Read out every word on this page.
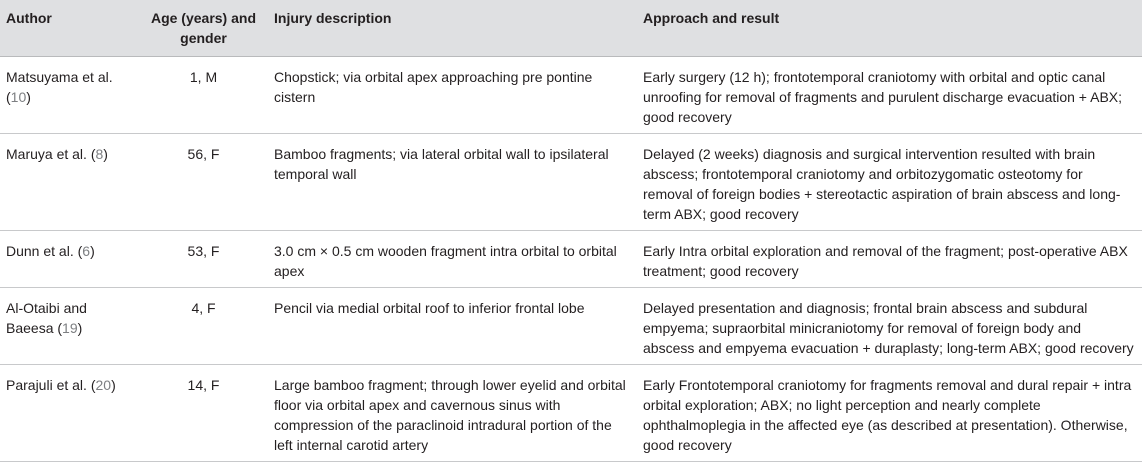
Author	Age (years) and gender	Injury description	Approach and result
Matsuyama et al. (10)	1, M	Chopstick; via orbital apex approaching pre pontine cistern	Early surgery (12 h); frontotemporal craniotomy with orbital and optic canal unroofing for removal of fragments and purulent discharge evacuation + ABX; good recovery
Maruya et al. (8)	56, F	Bamboo fragments; via lateral orbital wall to ipsilateral temporal wall	Delayed (2 weeks) diagnosis and surgical intervention resulted with brain abscess; frontotemporal craniotomy and orbitozygomatic osteotomy for removal of foreign bodies + stereotactic aspiration of brain abscess and long-term ABX; good recovery
Dunn et al. (6)	53, F	3.0 cm × 0.5 cm wooden fragment intra orbital to orbital apex	Early Intra orbital exploration and removal of the fragment; post-operative ABX treatment; good recovery
Al-Otaibi and Baeesa (19)	4, F	Pencil via medial orbital roof to inferior frontal lobe	Delayed presentation and diagnosis; frontal brain abscess and subdural empyema; supraorbital minicraniotomy for removal of foreign body and abscess and empyema evacuation + duraplasty; long-term ABX; good recovery
Parajuli et al. (20)	14, F	Large bamboo fragment; through lower eyelid and orbital floor via orbital apex and cavernous sinus with compression of the paraclinoid intradural portion of the left internal carotid artery	Early Frontotemporal craniotomy for fragments removal and dural repair + intra orbital exploration; ABX; no light perception and nearly complete ophthalmoplegia in the affected eye (as described at presentation). Otherwise, good recovery
